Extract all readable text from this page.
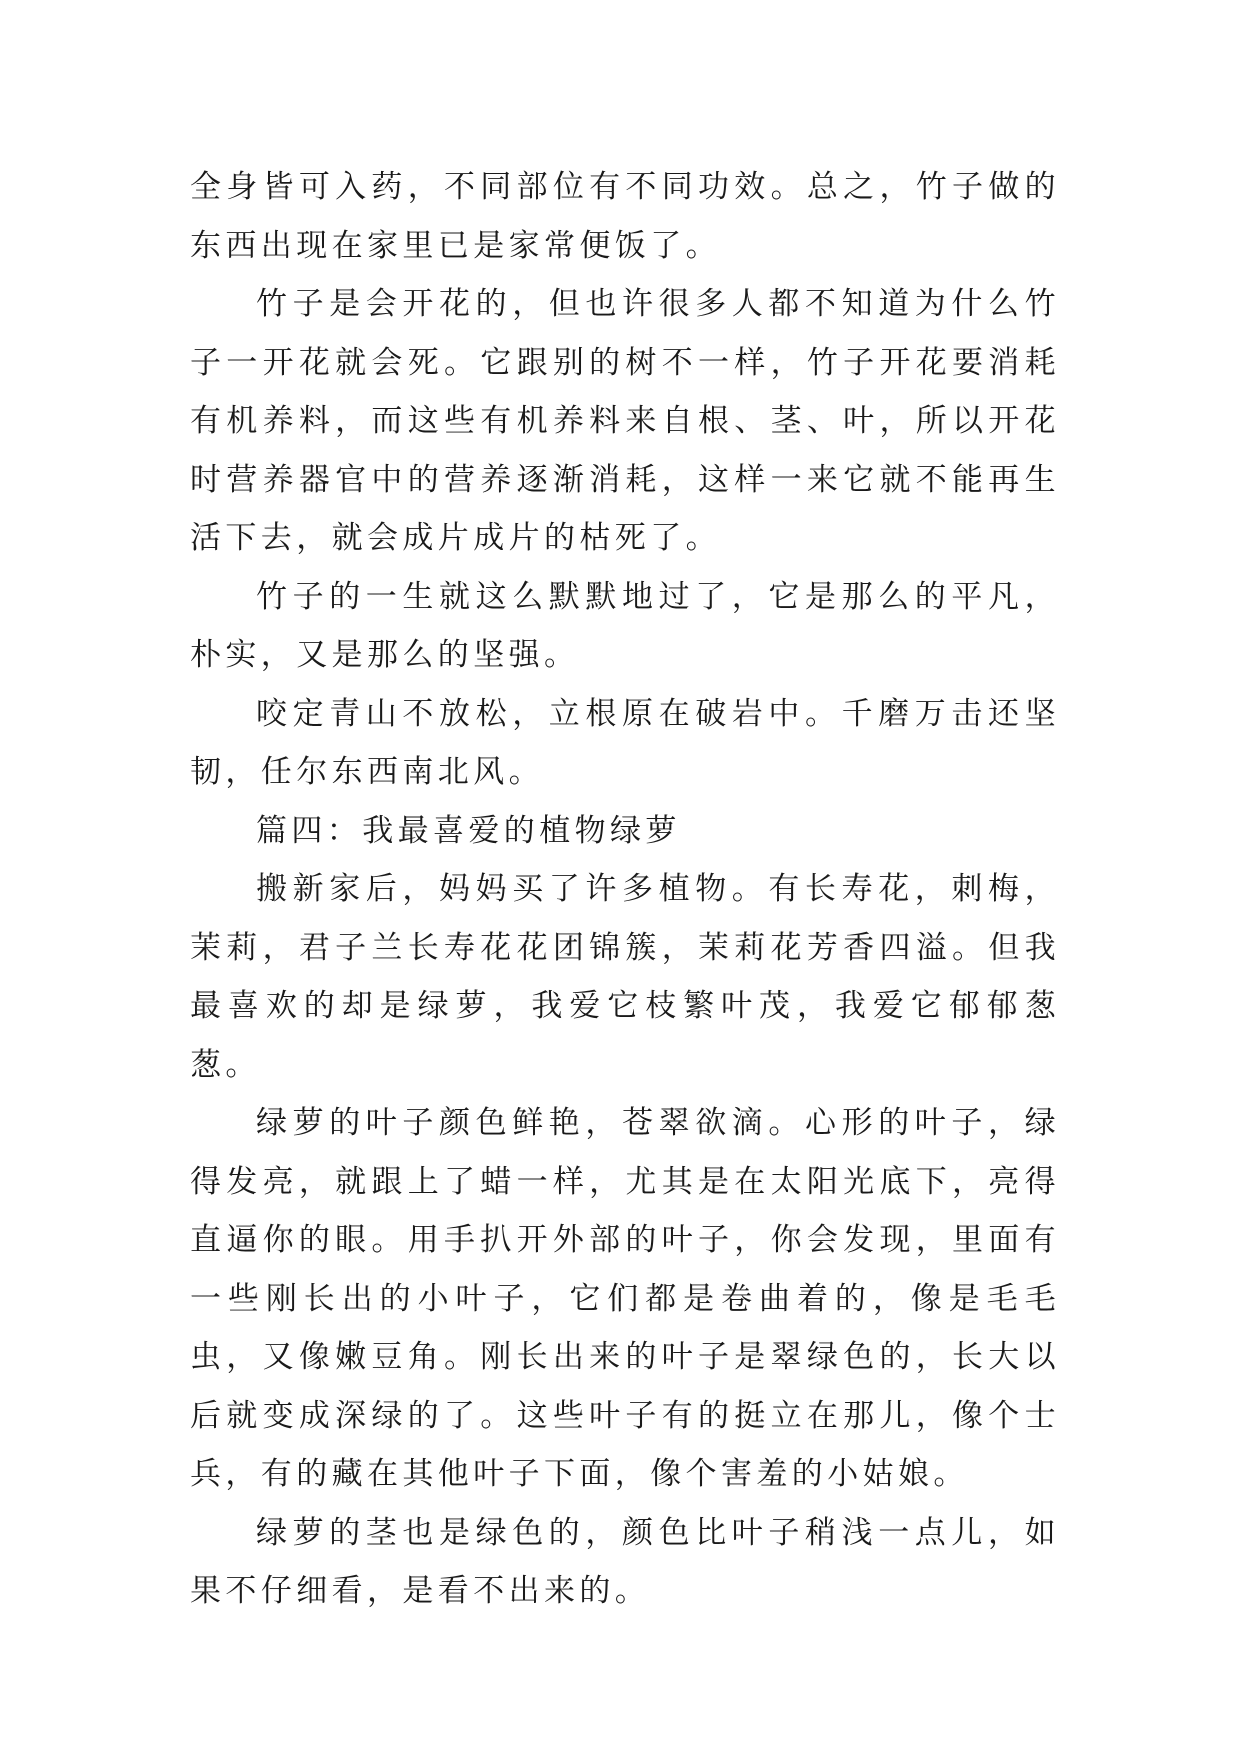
全身皆可入药，不同部位有不同功效。总之，竹子做的东西出现在家里已是家常便饭了。

竹子是会开花的，但也许很多人都不知道为什么竹子一开花就会死。它跟别的树不一样，竹子开花要消耗有机养料，而这些有机养料来自根、茎、叶，所以开花时营养器官中的营养逐渐消耗，这样一来它就不能再生活下去，就会成片成片的枯死了。

竹子的一生就这么默默地过了，它是那么的平凡，朴实，又是那么的坚强。

咬定青山不放松，立根原在破岩中。千磨万击还坚韧，任尔东西南北风。

篇四：我最喜爱的植物绿萝

搬新家后，妈妈买了许多植物。有长寿花，刺梅，茉莉，君子兰长寿花花团锦簇，茉莉花芳香四溢。但我最喜欢的却是绿萝，我爱它枝繁叶茂，我爱它郁郁葱葱。

绿萝的叶子颜色鲜艳，苍翠欲滴。心形的叶子，绿得发亮，就跟上了蜡一样，尤其是在太阳光底下，亮得直逼你的眼。用手扒开外部的叶子，你会发现，里面有一些刚长出的小叶子，它们都是卷曲着的，像是毛毛虫，又像嫩豆角。刚长出来的叶子是翠绿色的，长大以后就变成深绿的了。这些叶子有的挺立在那儿，像个士兵，有的藏在其他叶子下面，像个害羞的小姑娘。

绿萝的茎也是绿色的，颜色比叶子稍浅一点儿，如果不仔细看，是看不出来的。
